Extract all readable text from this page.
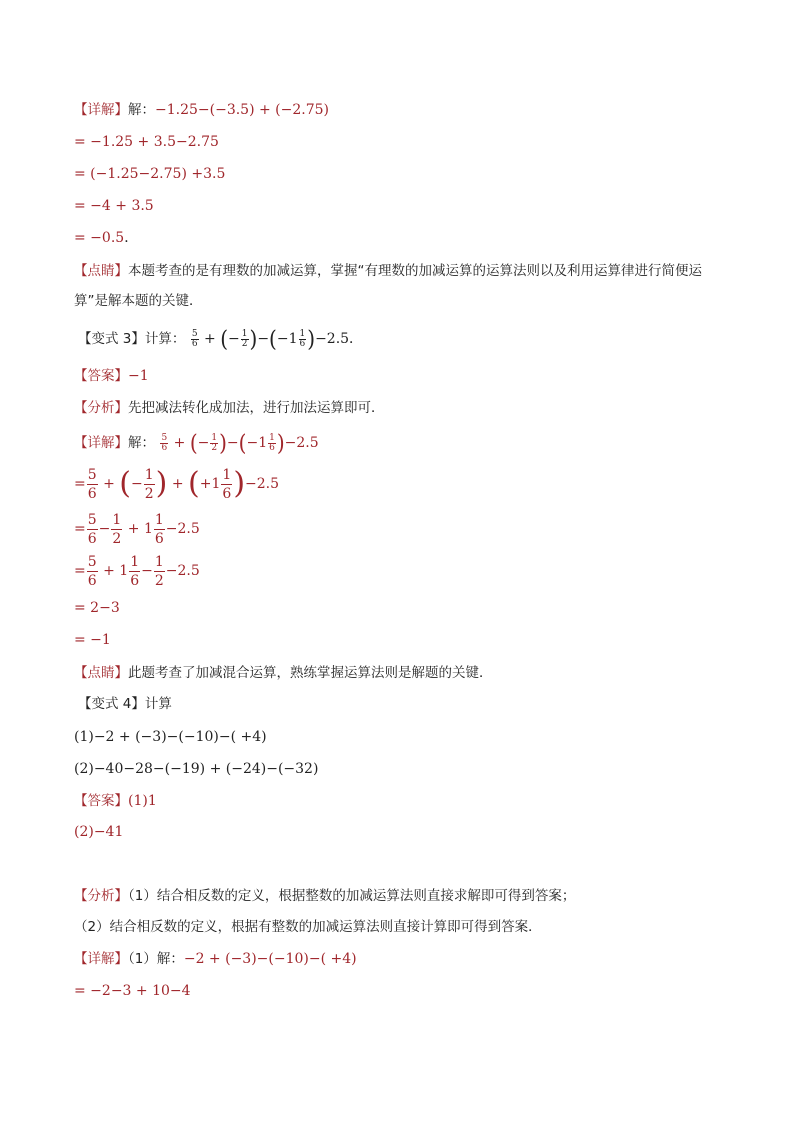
【详解】解：−1.25−(−3.5) + (−2.75)
= −1.25 + 3.5−2.75
= (−1.25−2.75) +3.5
= −4 + 3.5
= −0.5．
【点睛】本题考查的是有理数的加减运算，掌握“有理数的加减运算的运算法则以及利用运算律进行简便运
算”是解本题的关键．
【变式 3】计算： $\frac{5}{6}$ + (− $\frac{1}{2} )-(-1 \frac{1}{6} )-2.5$．
【答案】−1
【分析】先把减法转化成加法，进行加法运算即可．
【详解】解： $\frac{5}{6}$ + (− $\frac{1}{2} )-(-1 \frac{1}{6} )-2.5$
= $\frac{5}{6}$ + (− $\frac{1}{2}$ ) + $(+1 \frac{1}{6} )-2.5$
= $\frac{5}{6} - \frac{1}{2} + 1 \frac{1}{6} -2.5$
= $\frac{5}{6} + 1 \frac{1}{6} - \frac{1}{2} -2.5$
= 2−3
= −1
【点睛】此题考查了加减混合运算，熟练掌握运算法则是解题的关键．
【变式 4】计算
(1)−2 + (−3)−(−10)−( +4)
(2)−40−28−(−19) + (−24)−(−32)
【答案】(1)1
(2)−41
【分析】（1）结合相反数的定义，根据整数的加减运算法则直接求解即可得到答案；
（2）结合相反数的定义，根据有整数的加减运算法则直接计算即可得到答案．
【详解】（1）解：−2 + (−3)−(−10)−( +4)
= −2−3 + 10−4
